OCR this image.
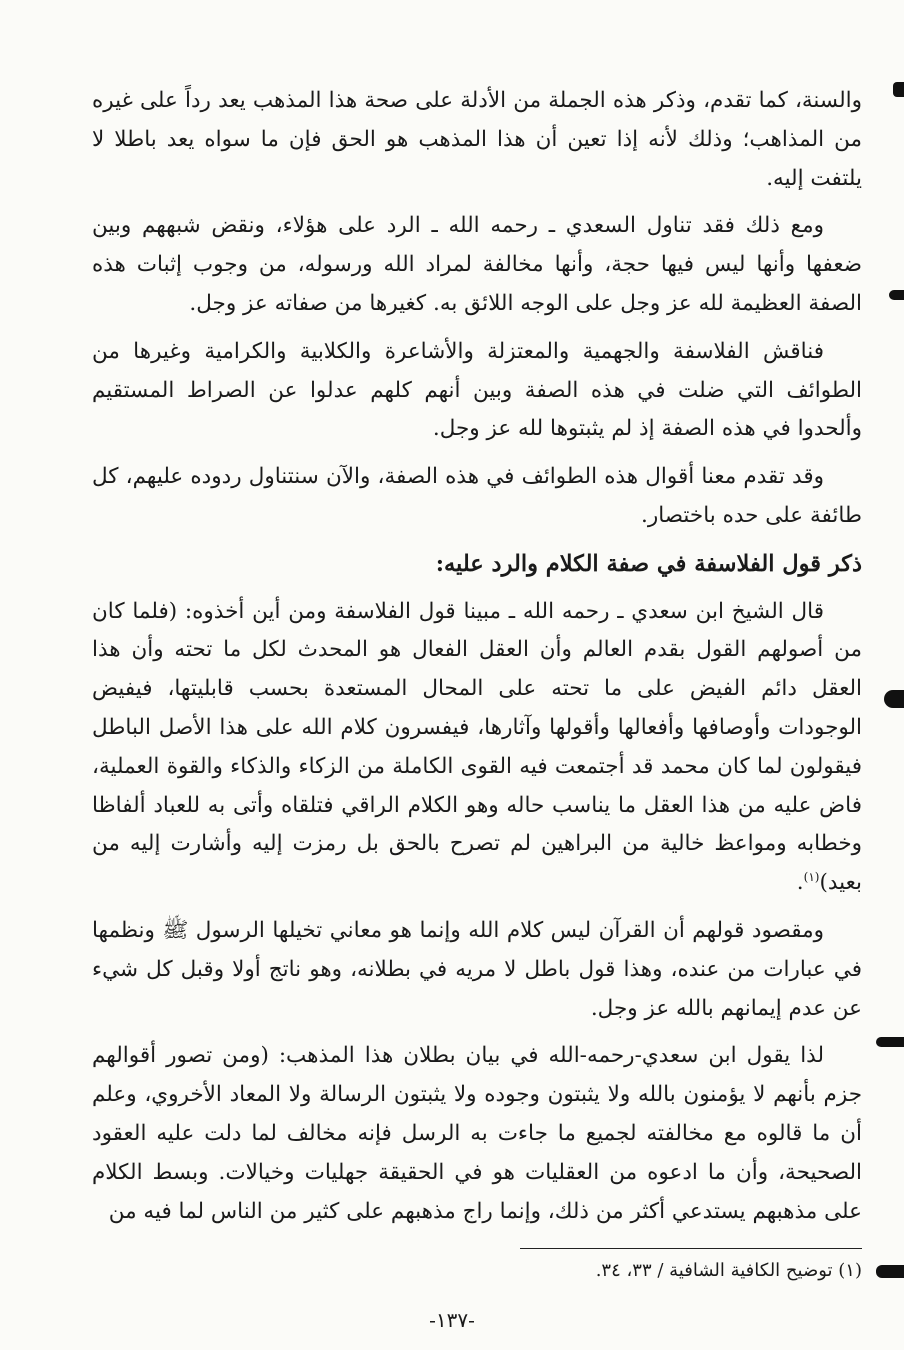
والسنة، كما تقدم، وذكر هذه الجملة من الأدلة على صحة هذا المذهب يعد رداً على غيره من المذاهب؛ وذلك لأنه إذا تعين أن هذا المذهب هو الحق فإن ما سواه يعد باطلا لا يلتفت إليه.

ومع ذلك فقد تناول السعدي ـ رحمه الله ـ الرد على هؤلاء، ونقض شبههم وبين ضعفها وأنها ليس فيها حجة، وأنها مخالفة لمراد الله ورسوله، من وجوب إثبات هذه الصفة العظيمة لله عز وجل على الوجه اللائق به. كغيرها من صفاته عز وجل.

فناقش الفلاسفة والجهمية والمعتزلة والأشاعرة والكلابية والكرامية وغيرها من الطوائف التي ضلت في هذه الصفة وبين أنهم كلهم عدلوا عن الصراط المستقيم وألحدوا في هذه الصفة إذ لم يثبتوها لله عز وجل.

وقد تقدم معنا أقوال هذه الطوائف في هذه الصفة، والآن سنتناول ردوده عليهم، كل طائفة على حده باختصار.

ذكر قول الفلاسفة في صفة الكلام والرد عليه:

قال الشيخ ابن سعدي ـ رحمه الله ـ مبينا قول الفلاسفة ومن أين أخذوه: (فلما كان من أصولهم القول بقدم العالم وأن العقل الفعال هو المحدث لكل ما تحته وأن هذا العقل دائم الفيض على ما تحته على المحال المستعدة بحسب قابليتها، فيفيض الوجودات وأوصافها وأفعالها وأقولها وآثارها، فيفسرون كلام الله على هذا الأصل الباطل فيقولون لما كان محمد قد أجتمعت فيه القوى الكاملة من الزكاء والذكاء والقوة العملية، فاض عليه من هذا العقل ما يناسب حاله وهو الكلام الراقي فتلقاه وأتى به للعباد ألفاظا وخطابه ومواعظ خالية من البراهين لم تصرح بالحق بل رمزت إليه وأشارت إليه من بعيد)$^{(١)}$.

ومقصود قولهم أن القرآن ليس كلام الله وإنما هو معاني تخيلها الرسول ﷺ ونظمها في عبارات من عنده، وهذا قول باطل لا مريه في بطلانه، وهو ناتج أولا وقبل كل شيء عن عدم إيمانهم بالله عز وجل.

لذا يقول ابن سعدي-رحمه-الله في بيان بطلان هذا المذهب: (ومن تصور أقوالهم جزم بأنهم لا يؤمنون بالله ولا يثبتون وجوده ولا يثبتون الرسالة ولا المعاد الأخروي، وعلم أن ما قالوه مع مخالفته لجميع ما جاءت به الرسل فإنه مخالف لما دلت عليه العقود الصحيحة، وأن ما ادعوه من العقليات هو في الحقيقة جهليات وخيالات. وبسط الكلام على مذهبهم يستدعي أكثر من ذلك، وإنما راج مذهبهم على كثير من الناس لما فيه من

(١) توضيح الكافية الشافية / ٣٣، ٣٤.
-١٣٧-
